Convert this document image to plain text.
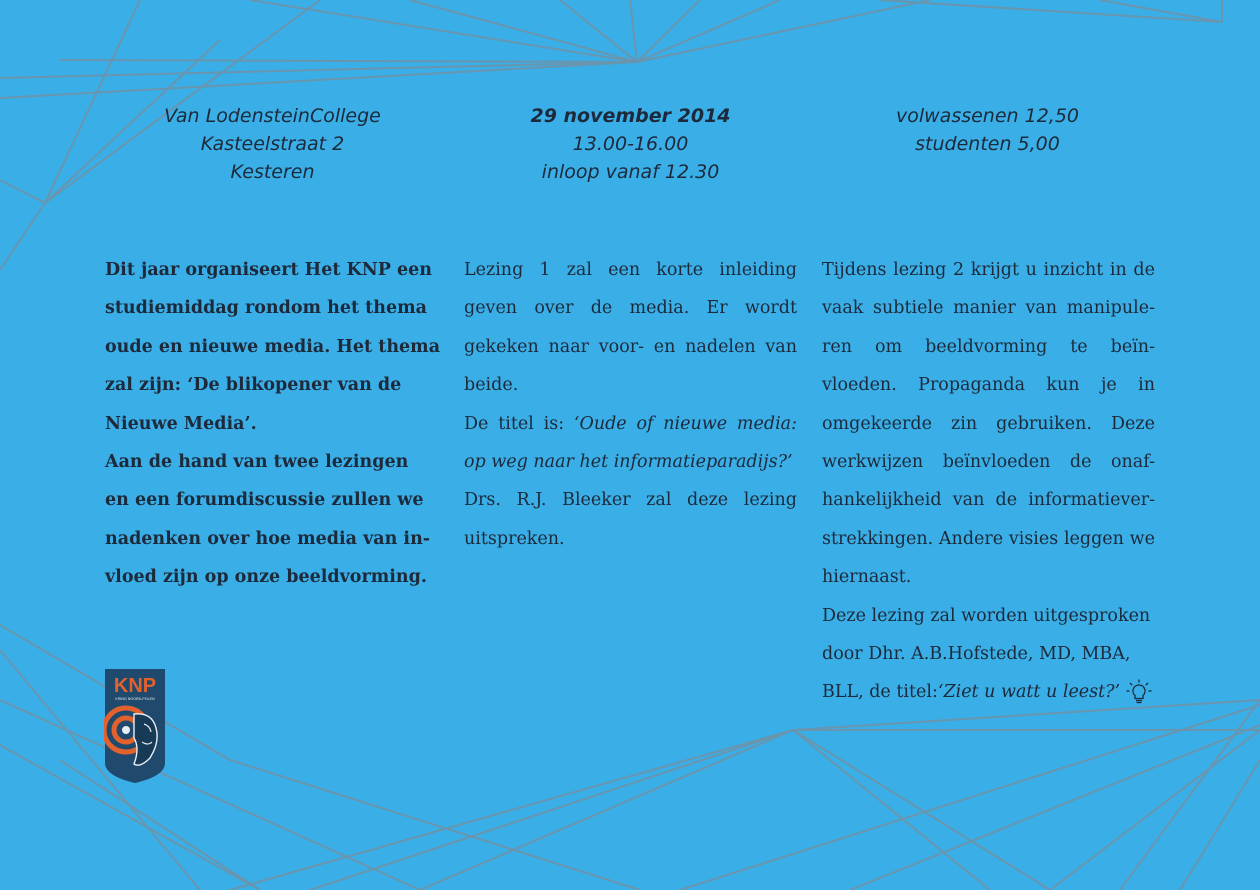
Van LodensteinCollege
Kasteelstraat 2
Kesteren
29 november 2014
13.00-16.00
inloop vanaf 12.30
volwassenen 12,50
studenten 5,00
Dit jaar organiseert Het KNP een
studiemiddag rondom het thema
oude en nieuwe media. Het thema
zal zijn: ‘De blikopener van de
Nieuwe Media’.
Aan de hand van twee lezingen
en een forumdiscussie zullen we
nadenken over hoe media van in-
vloed zijn op onze beeldvorming.

Lezing 1 zal een korte inleiding geven over de media. Er wordt gekeken naar voor- en nadelen van beide.

De titel is: ‘Oude of nieuwe media: op weg naar het informatieparadijs?’

Drs. R.J. Bleeker zal deze lezing uitspreken.

Tijdens lezing 2 krijgt u inzicht in de vaak subtiele manier van manipule-ren om beeldvorming te beïn-vloeden. Propaganda kun je in omgekeerde zin gebruiken. Deze werkwijzen beïnvloeden de onaf-hankelijkheid van de informatiever-strekkingen. Andere visies leggen we hiernaast.

Deze lezing zal worden uitgesproken door Dhr. A.B.Hofstede, MD, MBA, BLL, de titel:‘Ziet u watt u leest?’

KNP
KRING NOORD-POLEN
